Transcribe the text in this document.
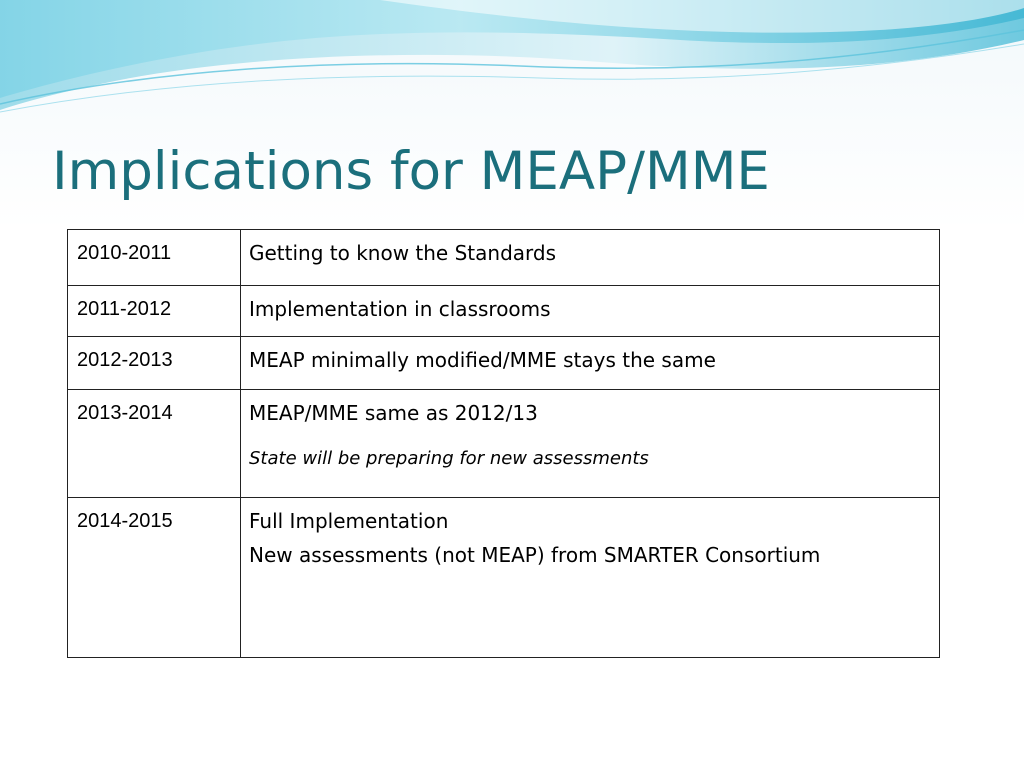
Implications for MEAP/MME
2010-2011	Getting to know the Standards

2011-2012	Implementation in classrooms

2012-2013	MEAP minimally modified/MME stays the same

2013-2014	MEAP/MME same as 2012/13
State will be preparing for new assessments

2014-2015	Full Implementation
New assessments (not MEAP) from SMARTER Consortium
